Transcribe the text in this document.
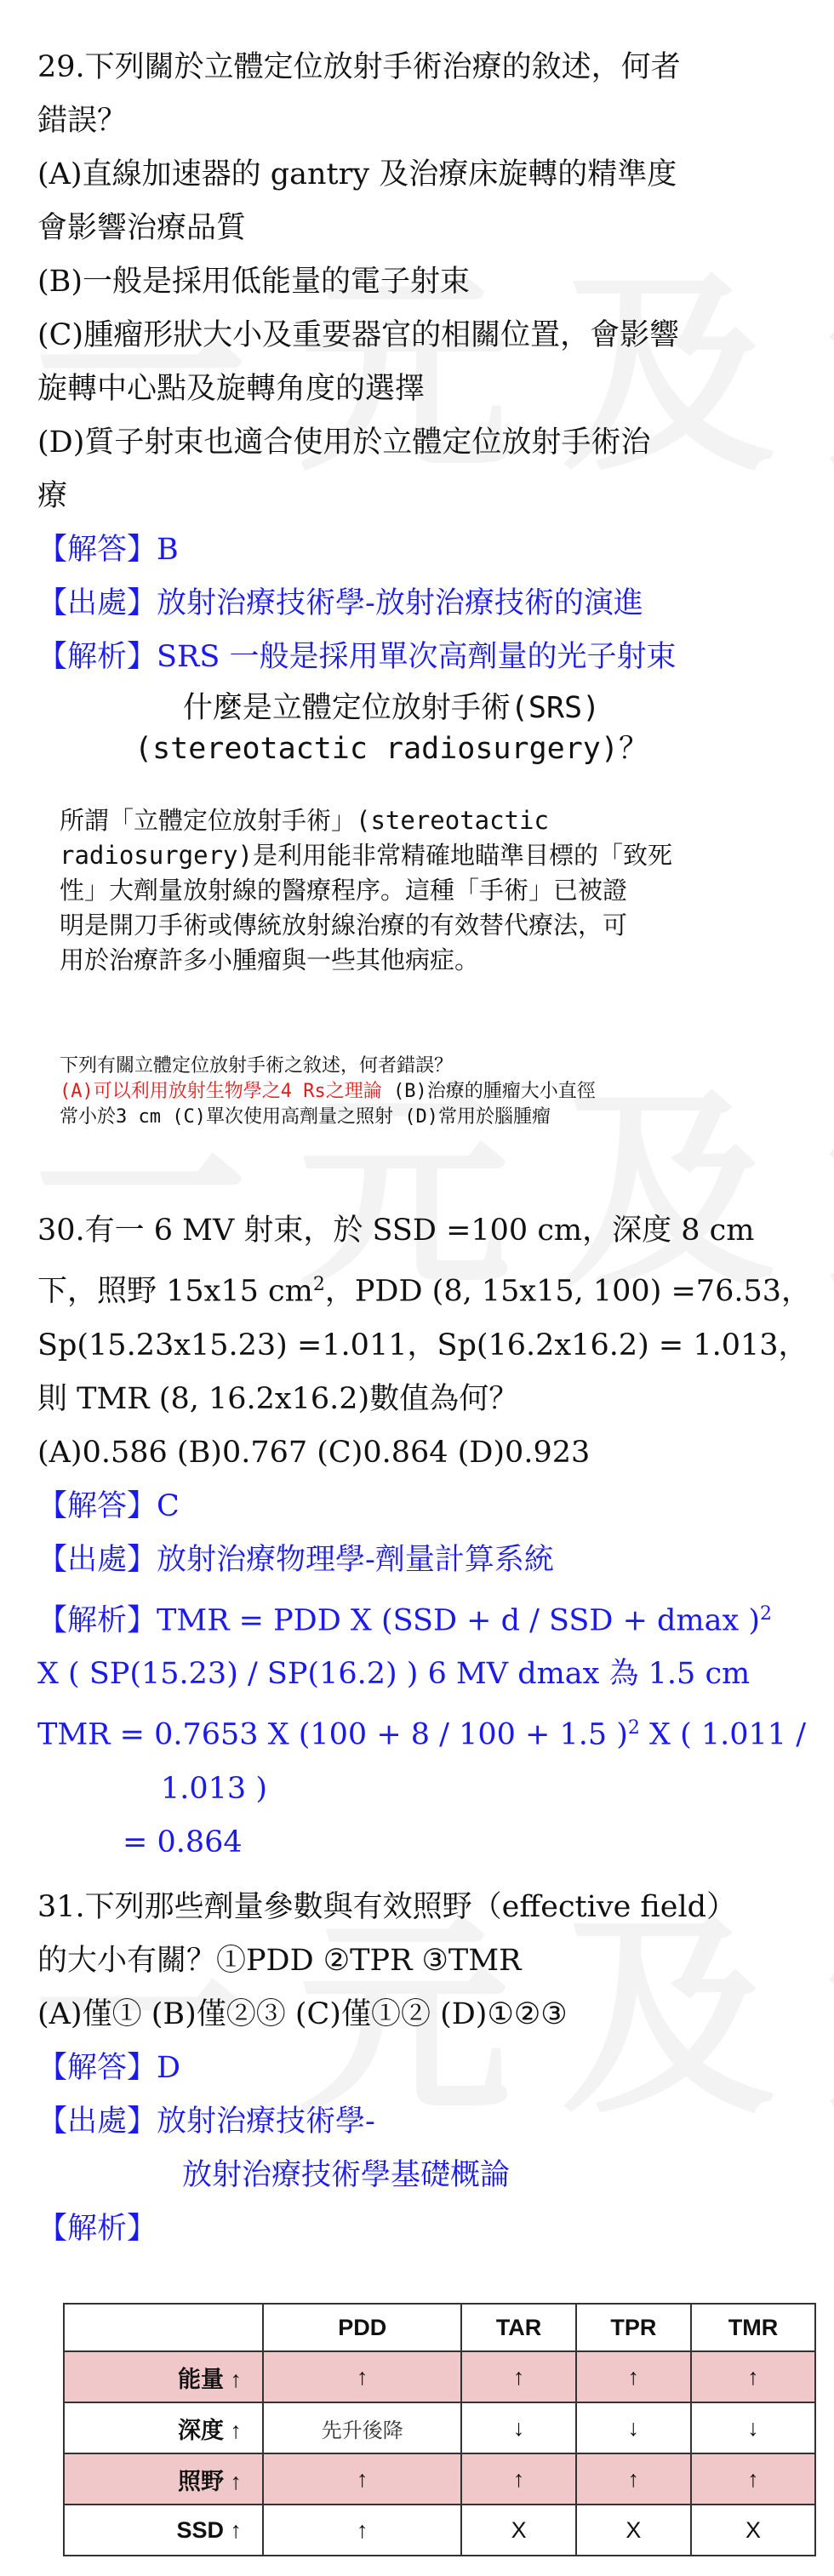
29.下列關於立體定位放射手術治療的敘述，何者
錯誤？
(A)直線加速器的 gantry 及治療床旋轉的精準度
會影響治療品質
(B)一般是採用低能量的電子射束
(C)腫瘤形狀大小及重要器官的相關位置，會影響
旋轉中心點及旋轉角度的選擇
(D)質子射束也適合使用於立體定位放射手術治
療
【解答】B
【出處】放射治療技術學-放射治療技術的演進
【解析】SRS 一般是採用單次高劑量的光子射束
什麼是立體定位放射手術(SRS)
(stereotactic radiosurgery)？
所謂「立體定位放射手術」(stereotactic
radiosurgery)是利用能非常精確地瞄準目標的「致死
性」大劑量放射線的醫療程序。這種「手術」已被證
明是開刀手術或傳統放射線治療的有效替代療法，可
用於治療許多小腫瘤與一些其他病症。
下列有關立體定位放射手術之敘述，何者錯誤？
(A)可以利用放射生物學之4 Rs之理論 (B)治療的腫瘤大小直徑
常小於3 cm (C)單次使用高劑量之照射 (D)常用於腦腫瘤
30.有一 6 MV 射束，於 SSD =100 cm，深度 8 cm
下，照野 15x15 $cm^2$，PDD (8, 15x15, 100) =76.53，
Sp(15.23x15.23) =1.011，Sp(16.2x16.2) = 1.013，
則 TMR (8, 16.2x16.2)數值為何？
(A)0.586 (B)0.767 (C)0.864 (D)0.923
【解答】C
【出處】放射治療物理學-劑量計算系統
【解析】TMR = PDD X (SSD + d / SSD + dmax )$^2$
X ( SP(15.23) / SP(16.2) ) 6 MV dmax 為 1.5 cm
TMR = 0.7653 X (100 + 8 / 100 + 1.5 )$^2$ X ( 1.011 /
1.013 )
= 0.864
31.下列那些劑量參數與有效照野（effective field）
的大小有關？①PDD ②TPR ③TMR
(A)僅① (B)僅②③ (C)僅①② (D)①②③
【解答】D
【出處】放射治療技術學-
放射治療技術學基礎概論
【解析】
	PDD	TAR	TPR	TMR
能量 ↑	↑	↑	↑	↑
深度 ↑	先升後降	↓	↓	↓
照野 ↑	↑	↑	↑	↑
SSD ↑	↑	X	X	X
